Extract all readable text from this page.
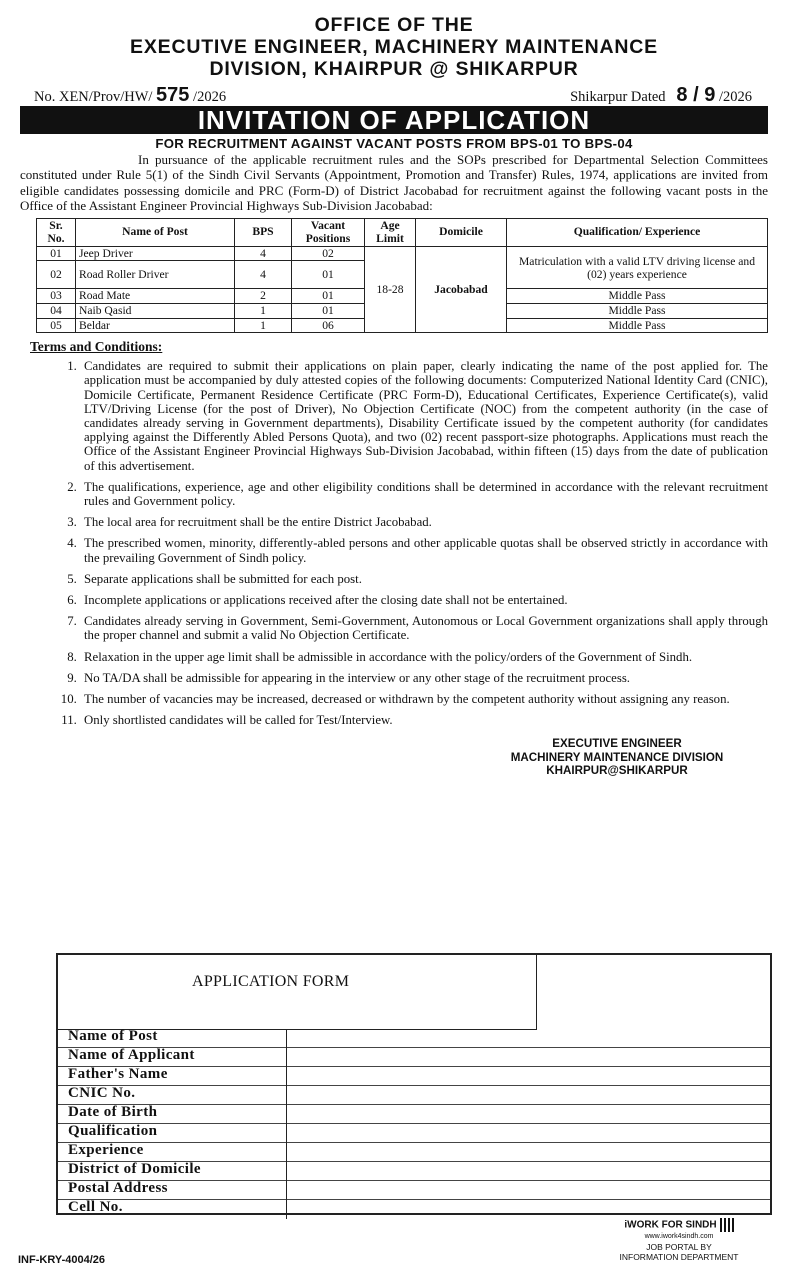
OFFICE OF THE
EXECUTIVE ENGINEER, MACHINERY MAINTENANCE
DIVISION, KHAIRPUR @ SHIKARPUR
No. XEN/Prov/HW/ 575 /2026	Shikarpur Dated 8 / 9 /2026
INVITATION OF APPLICATION
FOR RECRUITMENT AGAINST VACANT POSTS FROM BPS-01 TO BPS-04
In pursuance of the applicable recruitment rules and the SOPs prescribed for Departmental Selection Committees constituted under Rule 5(1) of the Sindh Civil Servants (Appointment, Promotion and Transfer) Rules, 1974, applications are invited from eligible candidates possessing domicile and PRC (Form-D) of District Jacobabad for recruitment against the following vacant posts in the Office of the Assistant Engineer Provincial Highways Sub-Division Jacobabad:
Sr. No.	Name of Post	BPS	Vacant Positions	Age Limit	Domicile	Qualification/ Experience
01	Jeep Driver	4	02	18-28	Jacobabad	Matriculation with a valid LTV driving license and (02) years experience
02	Road Roller Driver	4	01			
03	Road Mate	2	01			Middle Pass
04	Naib Qasid	1	01			Middle Pass
05	Beldar	1	06			Middle Pass
Terms and Conditions:
1. Candidates are required to submit their applications on plain paper, clearly indicating the name of the post applied for. The application must be accompanied by duly attested copies of the following documents: Computerized National Identity Card (CNIC), Domicile Certificate, Permanent Residence Certificate (PRC Form-D), Educational Certificates, Experience Certificate(s), valid LTV/Driving License (for the post of Driver), No Objection Certificate (NOC) from the competent authority (in the case of candidates already serving in Government departments), Disability Certificate issued by the competent authority (for candidates applying against the Differently Abled Persons Quota), and two (02) recent passport-size photographs. Applications must reach the Office of the Assistant Engineer Provincial Highways Sub-Division Jacobabad, within fifteen (15) days from the date of publication of this advertisement.
2. The qualifications, experience, age and other eligibility conditions shall be determined in accordance with the relevant recruitment rules and Government policy.
3. The local area for recruitment shall be the entire District Jacobabad.
4. The prescribed women, minority, differently-abled persons and other applicable quotas shall be observed strictly in accordance with the prevailing Government of Sindh policy.
5. Separate applications shall be submitted for each post.
6. Incomplete applications or applications received after the closing date shall not be entertained.
7. Candidates already serving in Government, Semi-Government, Autonomous or Local Government organizations shall apply through the proper channel and submit a valid No Objection Certificate.
8. Relaxation in the upper age limit shall be admissible in accordance with the policy/orders of the Government of Sindh.
9. No TA/DA shall be admissible for appearing in the interview or any other stage of the recruitment process.
10. The number of vacancies may be increased, decreased or withdrawn by the competent authority without assigning any reason.
11. Only shortlisted candidates will be called for Test/Interview.
EXECUTIVE ENGINEER
MACHINERY MAINTENANCE DIVISION
KHAIRPUR@SHIKARPUR
APPLICATION FORM
Name of Post
Name of Applicant
Father's Name
CNIC No.
Date of Birth
Qualification
Experience
District of Domicile
Postal Address
Cell No.
iWORK FOR SINDH
www.iwork4sindh.com
JOB PORTAL BY
INFORMATION DEPARTMENT
INF-KRY-4004/26
